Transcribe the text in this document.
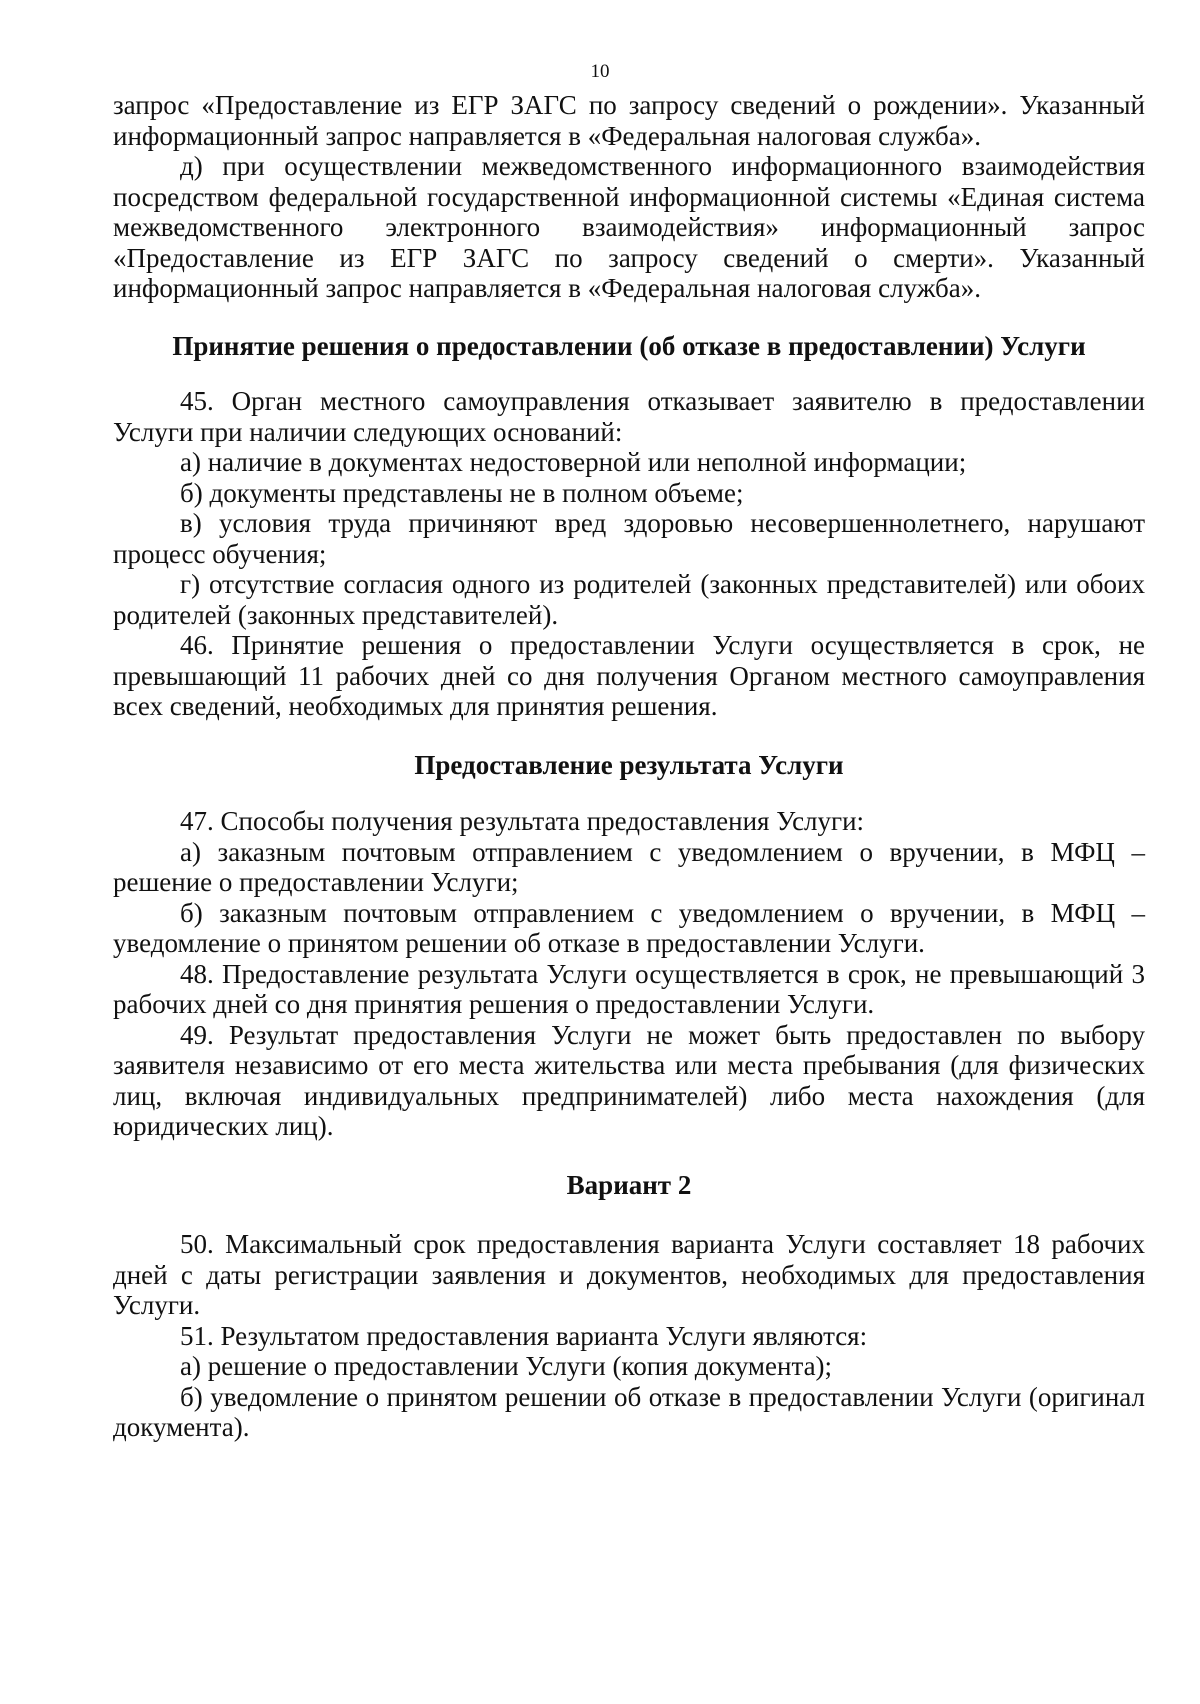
10

запрос «Предоставление из ЕГР ЗАГС по запросу сведений о рождении». Указанный информационный запрос направляется в «Федеральная налоговая служба».

д) при осуществлении межведомственного информационного взаимодействия посредством федеральной государственной информационной системы «Единая система межведомственного электронного взаимодействия» информационный запрос «Предоставление из ЕГР ЗАГС по запросу сведений о смерти». Указанный информационный запрос направляется в «Федеральная налоговая служба».

Принятие решения о предоставлении (об отказе в предоставлении) Услуги

45. Орган местного самоуправления отказывает заявителю в предоставлении Услуги при наличии следующих оснований:

а) наличие в документах недостоверной или неполной информации;

б) документы представлены не в полном объеме;

в) условия труда причиняют вред здоровью несовершеннолетнего, нарушают процесс обучения;

г) отсутствие согласия одного из родителей (законных представителей) или обоих родителей (законных представителей).

46. Принятие решения о предоставлении Услуги осуществляется в срок, не превышающий 11 рабочих дней со дня получения Органом местного самоуправления всех сведений, необходимых для принятия решения.

Предоставление результата Услуги

47. Способы получения результата предоставления Услуги:

а) заказным почтовым отправлением с уведомлением о вручении, в МФЦ – решение о предоставлении Услуги;

б) заказным почтовым отправлением с уведомлением о вручении, в МФЦ – уведомление о принятом решении об отказе в предоставлении Услуги.

48. Предоставление результата Услуги осуществляется в срок, не превышающий 3 рабочих дней со дня принятия решения о предоставлении Услуги.

49. Результат предоставления Услуги не может быть предоставлен по выбору заявителя независимо от его места жительства или места пребывания (для физических лиц, включая индивидуальных предпринимателей) либо места нахождения (для юридических лиц).

Вариант 2

50. Максимальный срок предоставления варианта Услуги составляет 18 рабочих дней с даты регистрации заявления и документов, необходимых для предоставления Услуги.

51. Результатом предоставления варианта Услуги являются:

а) решение о предоставлении Услуги (копия документа);

б) уведомление о принятом решении об отказе в предоставлении Услуги (оригинал документа).
